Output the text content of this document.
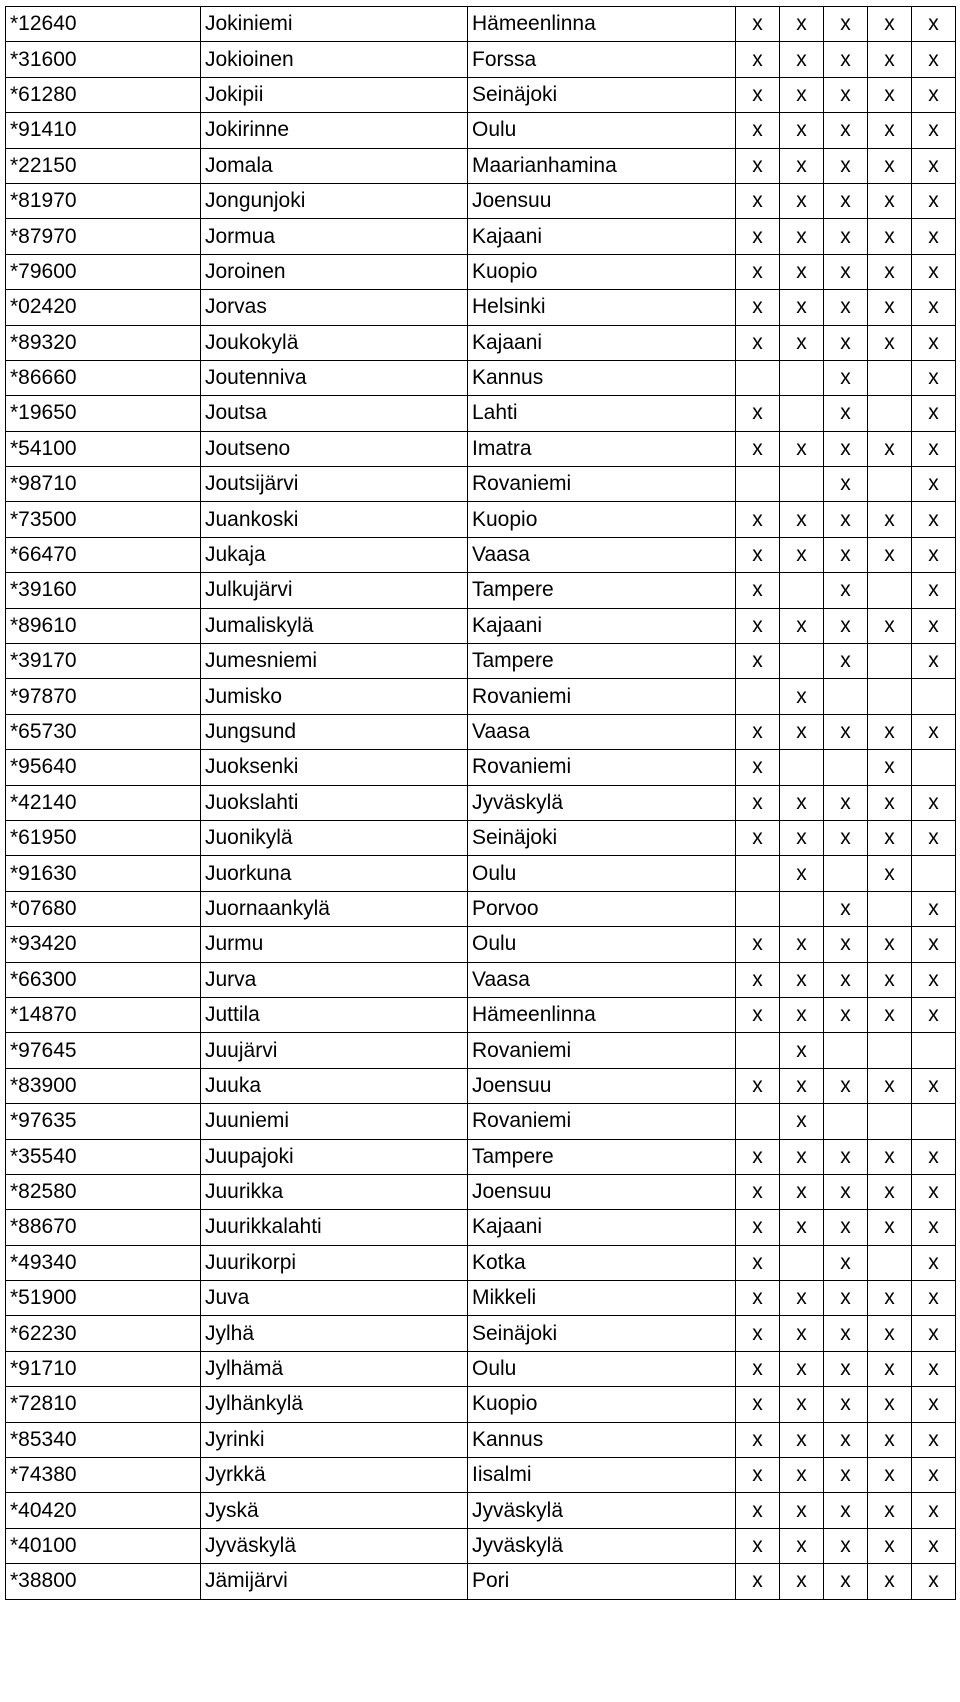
*12640	Jokiniemi	Hämeenlinna	x	x	x	x	x
*31600	Jokioinen	Forssa	x	x	x	x	x
*61280	Jokipii	Seinäjoki	x	x	x	x	x
*91410	Jokirinne	Oulu	x	x	x	x	x
*22150	Jomala	Maarianhamina	x	x	x	x	x
*81970	Jongunjoki	Joensuu	x	x	x	x	x
*87970	Jormua	Kajaani	x	x	x	x	x
*79600	Joroinen	Kuopio	x	x	x	x	x
*02420	Jorvas	Helsinki	x	x	x	x	x
*89320	Joukokylä	Kajaani	x	x	x	x	x
*86660	Joutenniva	Kannus			x		x
*19650	Joutsa	Lahti	x		x		x
*54100	Joutseno	Imatra	x	x	x	x	x
*98710	Joutsijärvi	Rovaniemi			x		x
*73500	Juankoski	Kuopio	x	x	x	x	x
*66470	Jukaja	Vaasa	x	x	x	x	x
*39160	Julkujärvi	Tampere	x		x		x
*89610	Jumaliskylä	Kajaani	x	x	x	x	x
*39170	Jumesniemi	Tampere	x		x		x
*97870	Jumisko	Rovaniemi		x			
*65730	Jungsund	Vaasa	x	x	x	x	x
*95640	Juoksenki	Rovaniemi	x			x	
*42140	Juokslahti	Jyväskylä	x	x	x	x	x
*61950	Juonikylä	Seinäjoki	x	x	x	x	x
*91630	Juorkuna	Oulu		x		x	
*07680	Juornaankylä	Porvoo			x		x
*93420	Jurmu	Oulu	x	x	x	x	x
*66300	Jurva	Vaasa	x	x	x	x	x
*14870	Juttila	Hämeenlinna	x	x	x	x	x
*97645	Juujärvi	Rovaniemi		x			
*83900	Juuka	Joensuu	x	x	x	x	x
*97635	Juuniemi	Rovaniemi		x			
*35540	Juupajoki	Tampere	x	x	x	x	x
*82580	Juurikka	Joensuu	x	x	x	x	x
*88670	Juurikkalahti	Kajaani	x	x	x	x	x
*49340	Juurikorpi	Kotka	x		x		x
*51900	Juva	Mikkeli	x	x	x	x	x
*62230	Jylhä	Seinäjoki	x	x	x	x	x
*91710	Jylhämä	Oulu	x	x	x	x	x
*72810	Jylhänkylä	Kuopio	x	x	x	x	x
*85340	Jyrinki	Kannus	x	x	x	x	x
*74380	Jyrkkä	Iisalmi	x	x	x	x	x
*40420	Jyskä	Jyväskylä	x	x	x	x	x
*40100	Jyväskylä	Jyväskylä	x	x	x	x	x
*38800	Jämijärvi	Pori	x	x	x	x	x
